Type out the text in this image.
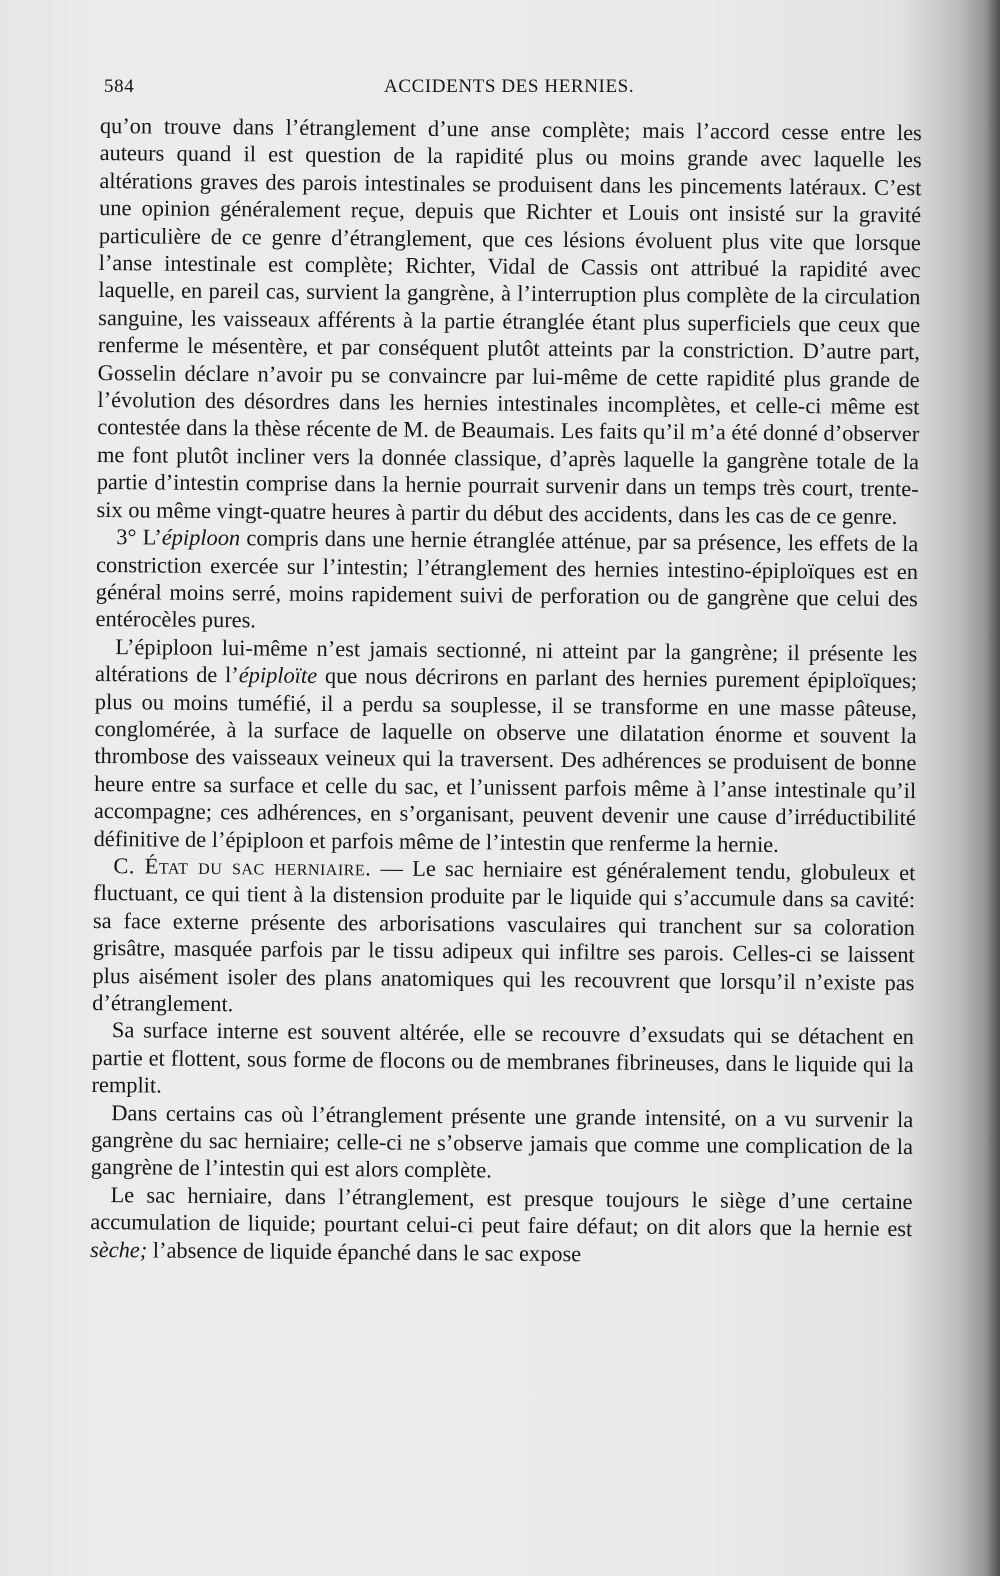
584	ACCIDENTS DES HERNIES.

qu’on trouve dans l’étranglement d’une anse complète; mais l’accord cesse entre les auteurs quand il est question de la rapidité plus ou moins grande avec laquelle les altérations graves des parois intestinales se produisent dans les pincements latéraux. C’est une opinion généralement reçue, depuis que Richter et Louis ont insisté sur la gravité particulière de ce genre d’étranglement, que ces lésions évoluent plus vite que lorsque l’anse intestinale est complète; Richter, Vidal de Cassis ont attribué la rapidité avec laquelle, en pareil cas, survient la gangrène, à l’interruption plus complète de la circulation sanguine, les vaisseaux afférents à la partie étranglée étant plus superficiels que ceux que renferme le mésentère, et par conséquent plutôt atteints par la constriction. D’autre part, Gosselin déclare n’avoir pu se convaincre par lui-même de cette rapidité plus grande de l’évolution des désordres dans les hernies intestinales incomplètes, et celle-ci même est contestée dans la thèse récente de M. de Beaumais. Les faits qu’il m’a été donné d’observer me font plutôt incliner vers la donnée classique, d’après laquelle la gangrène totale de la partie d’intestin comprise dans la hernie pourrait survenir dans un temps très court, trente-six ou même vingt-quatre heures à partir du début des accidents, dans les cas de ce genre.

3° L’épiploon compris dans une hernie étranglée atténue, par sa présence, les effets de la constriction exercée sur l’intestin; l’étranglement des hernies intestino-épiploïques est en général moins serré, moins rapidement suivi de perforation ou de gangrène que celui des entérocèles pures.

L’épiploon lui-même n’est jamais sectionné, ni atteint par la gangrène; il présente les altérations de l’épiploïte que nous décrirons en parlant des hernies purement épiploïques; plus ou moins tuméfié, il a perdu sa souplesse, il se transforme en une masse pâteuse, conglomérée, à la surface de laquelle on observe une dilatation énorme et souvent la thrombose des vaisseaux veineux qui la traversent. Des adhérences se produisent de bonne heure entre sa surface et celle du sac, et l’unissent parfois même à l’anse intestinale qu’il accompagne; ces adhérences, en s’organisant, peuvent devenir une cause d’irréductibilité définitive de l’épiploon et parfois même de l’intestin que renferme la hernie.

C. État du sac herniaire. — Le sac herniaire est généralement tendu, globuleux et fluctuant, ce qui tient à la distension produite par le liquide qui s’accumule dans sa cavité: sa face externe présente des arborisations vasculaires qui tranchent sur sa coloration grisâtre, masquée parfois par le tissu adipeux qui infiltre ses parois. Celles-ci se laissent plus aisément isoler des plans anatomiques qui les recouvrent que lorsqu’il n’existe pas d’étranglement.

Sa surface interne est souvent altérée, elle se recouvre d’exsudats qui se détachent en partie et flottent, sous forme de flocons ou de membranes fibrineuses, dans le liquide qui la remplit.

Dans certains cas où l’étranglement présente une grande intensité, on a vu survenir la gangrène du sac herniaire; celle-ci ne s’observe jamais que comme une complication de la gangrène de l’intestin qui est alors complète.

Le sac herniaire, dans l’étranglement, est presque toujours le siège d’une certaine accumulation de liquide; pourtant celui-ci peut faire défaut; on dit alors que la hernie est sèche; l’absence de liquide épanché dans le sac expose
